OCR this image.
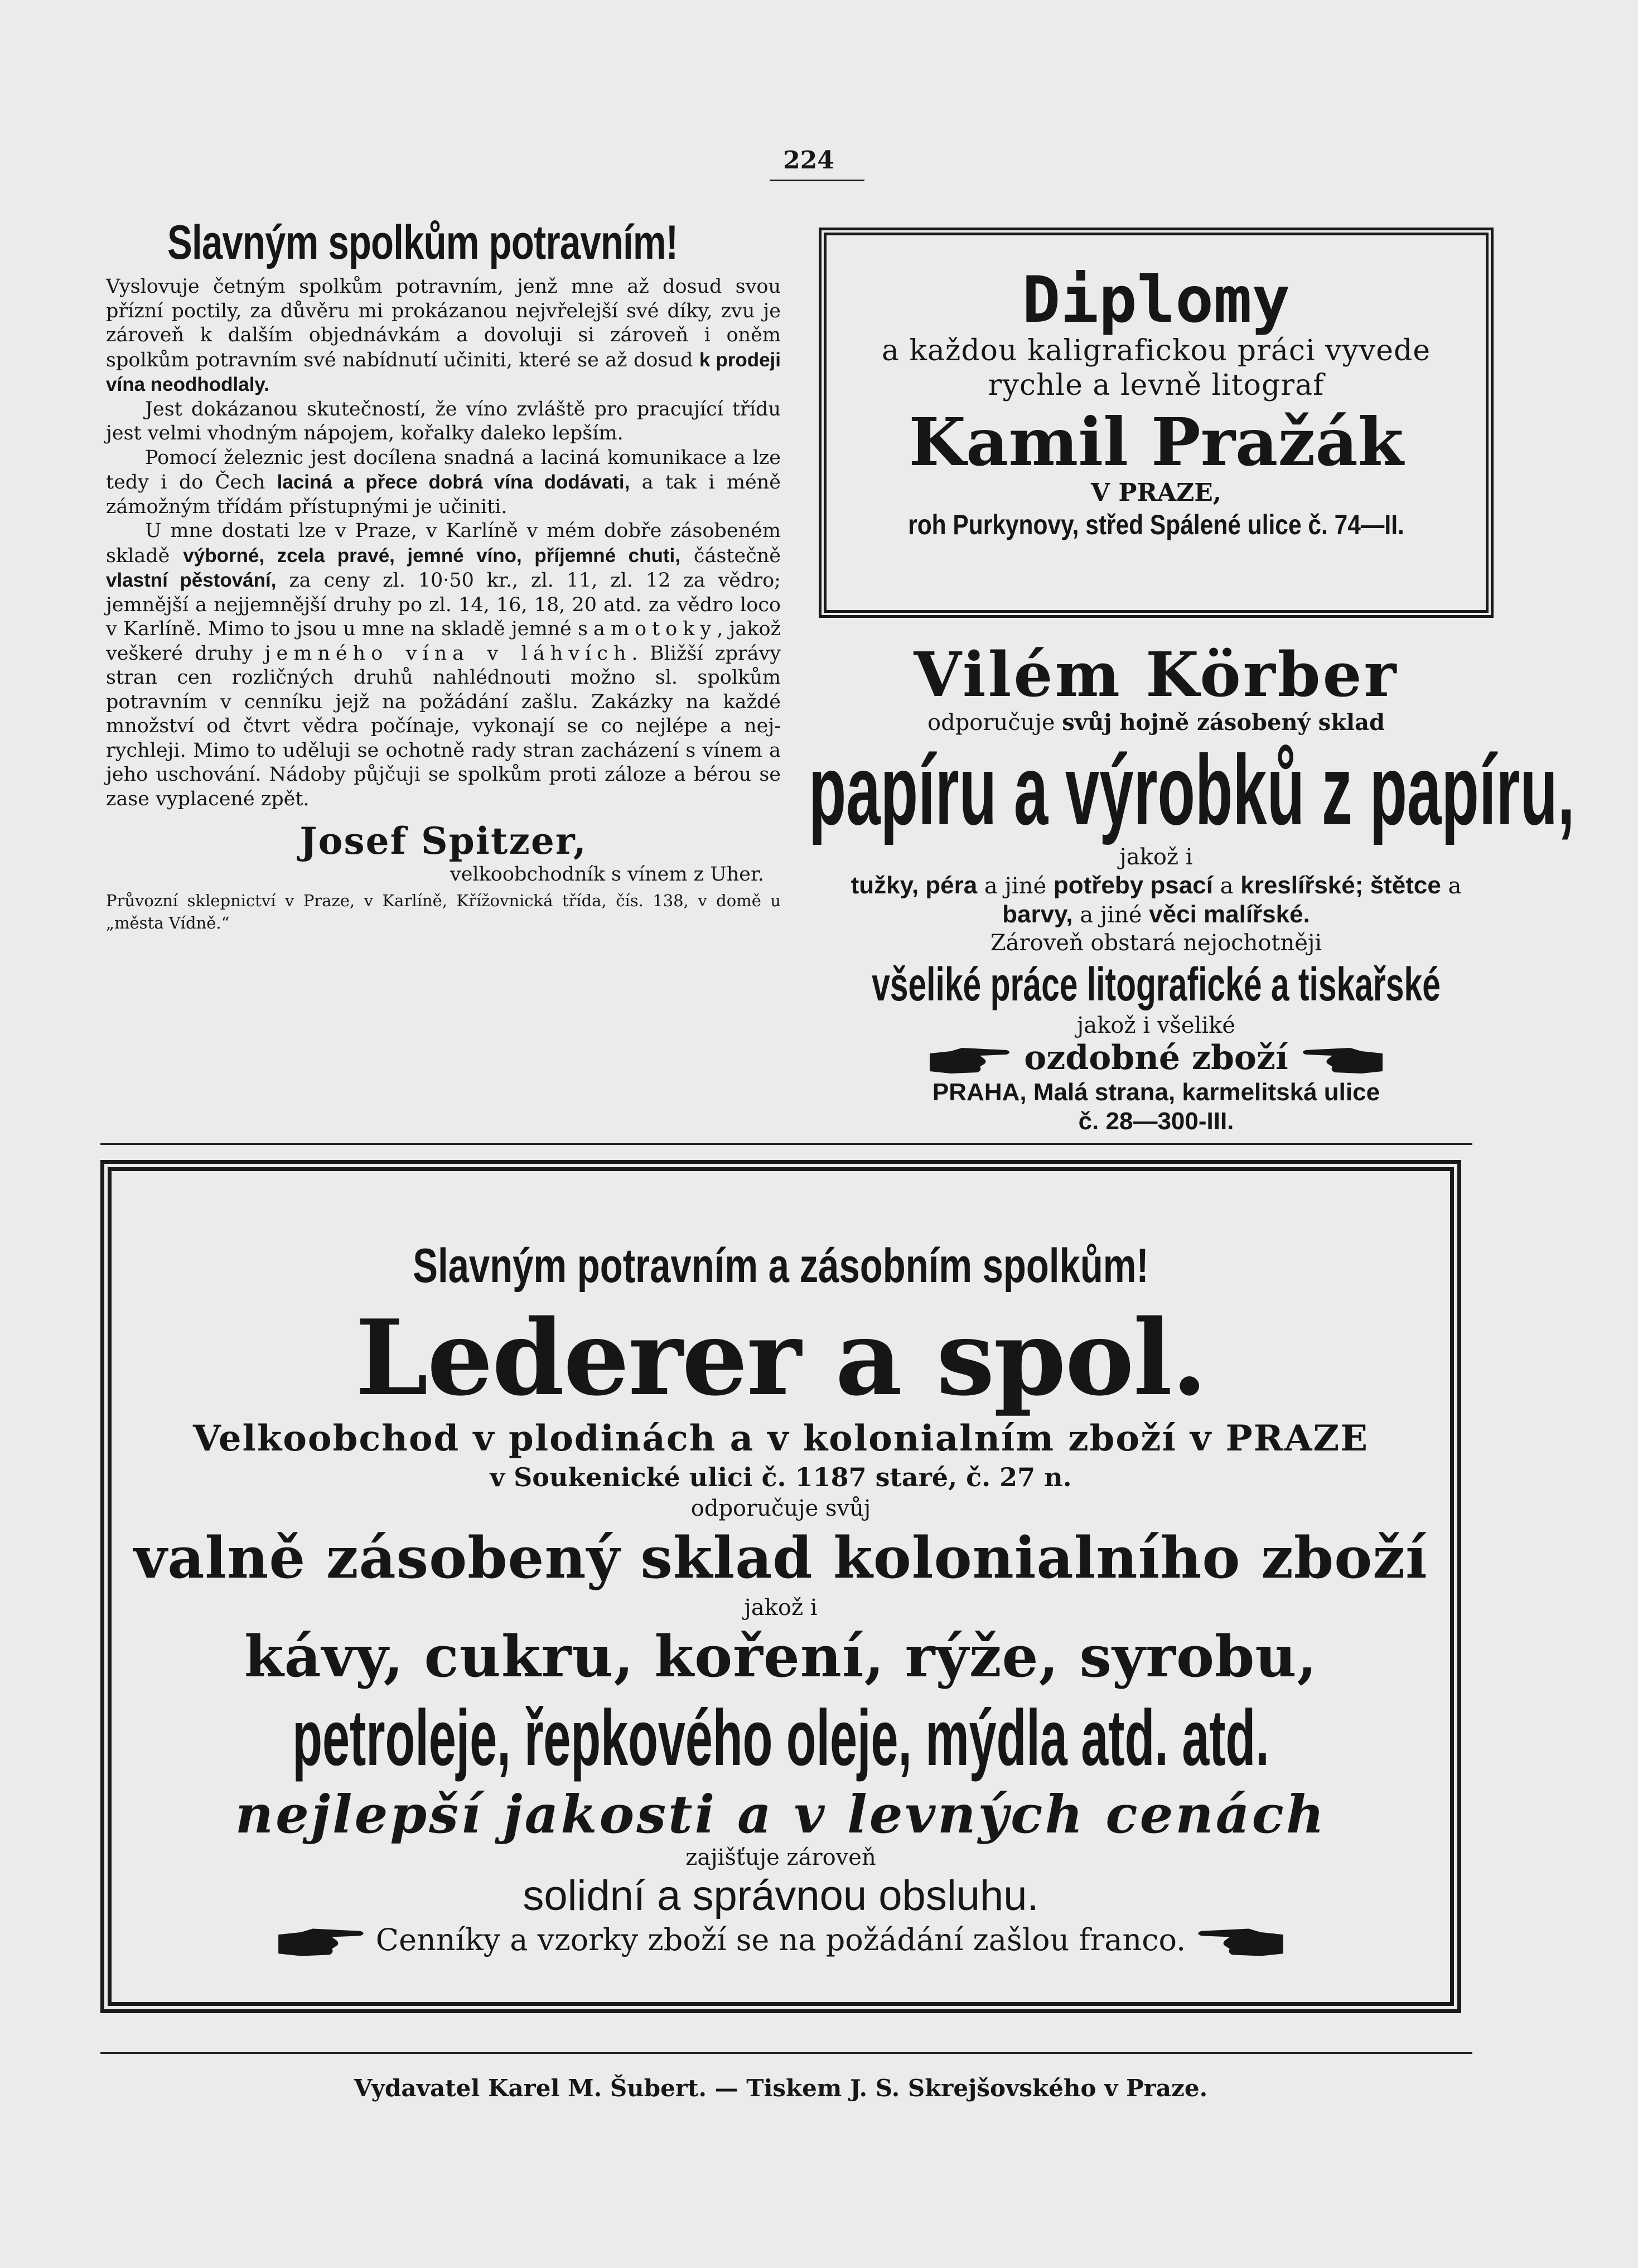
224
Slavným spolkům potravním!

Vyslovuje četným spolkům potravním, jenž mne až dosud svou přízní poctily, za důvěru mi prokázanou nejvřelejší své díky, zvu je zároveň k dalším objednávkám a dovoluji si zároveň i oněm spolkům potravním své nabídnutí učiniti, které se až dosud k prodeji vína neodhodlaly.

Jest dokázanou skutečností, že víno zvláště pro pracující třídu jest velmi vhodným nápojem, kořalky daleko lepším.

Pomocí železnic jest docílena snadná a laciná komunikace a lze tedy i do Čech laciná a přece dobrá vína dodávati, a tak i méně zámožným třídám přístupnými je učiniti.

U mne dostati lze v Praze, v Karlíně v mém dobře zásobeném skladě výborné, zcela pravé, jemné víno, příjemné chuti, částečně vlastní pěstování, za ceny zl. 10·50 kr., zl. 11, zl. 12 za vědro; jemnější a nejjemnější druhy po zl. 14, 16, 18, 20 atd. za vědro loco v Karlíně. Mimo to jsou u mne na skladě jemné samotoky, jakož veškeré druhy jemného vína v láhvích. Bližší zprávy stran cen rozličných druhů nahlédnouti možno sl. spolkům potravním v cenníku jejž na požádání zašlu. Zakázky na každé množství od čtvrt vědra počínaje, vykonají se co nejlépe a nejrychleji. Mimo to uděluji se ochotně rady stran zacházení s vínem a jeho uschování. Nádoby půjčuji se spolkům proti záloze a bérou se zase vyplacené zpět.

Josef Spitzer,
velkoobchodník s vínem z Uher.
Průvozní sklepnictví v Praze, v Karlíně, Křížovnická třída, čís. 138, v domě u „města Vídně.“
Diplomy
a každou kaligrafickou práci vyvede
rychle a levně litograf
Kamil Pražák
V PRAZE,
roh Purkynovy, střed Spálené ulice č. 74—II.
Vilém Körber
odporučuje svůj hojně zásobený sklad
papíru a výrobků z papíru,
jakož i
tužky, péra a jiné potřeby psací a kreslířské; štětce a
barvy, a jiné věci malířské.
Zároveň obstará nejochotněji
všeliké práce litografické a tiskařské
jakož i všeliké
ozdobné zboží
PRAHA, Malá strana, karmelitská ulice
č. 28—300-III.
Slavným potravním a zásobním spolkům!
Lederer a spol.
Velkoobchod v plodinách a v kolonialním zboží v PRAZE
v Soukenické ulici č. 1187 staré, č. 27 n.
odporučuje svůj
valně zásobený sklad kolonialního zboží
jakož i
kávy, cukru, koření, rýže, syrobu,
petroleje, řepkového oleje, mýdla atd. atd.
nejlepší jakosti a v levných cenách
zajišťuje zároveň
solidní a správnou obsluhu.
Cenníky a vzorky zboží se na požádání zašlou franco.
Vydavatel Karel M. Šubert. — Tiskem J. S. Skrejšovského v Praze.
